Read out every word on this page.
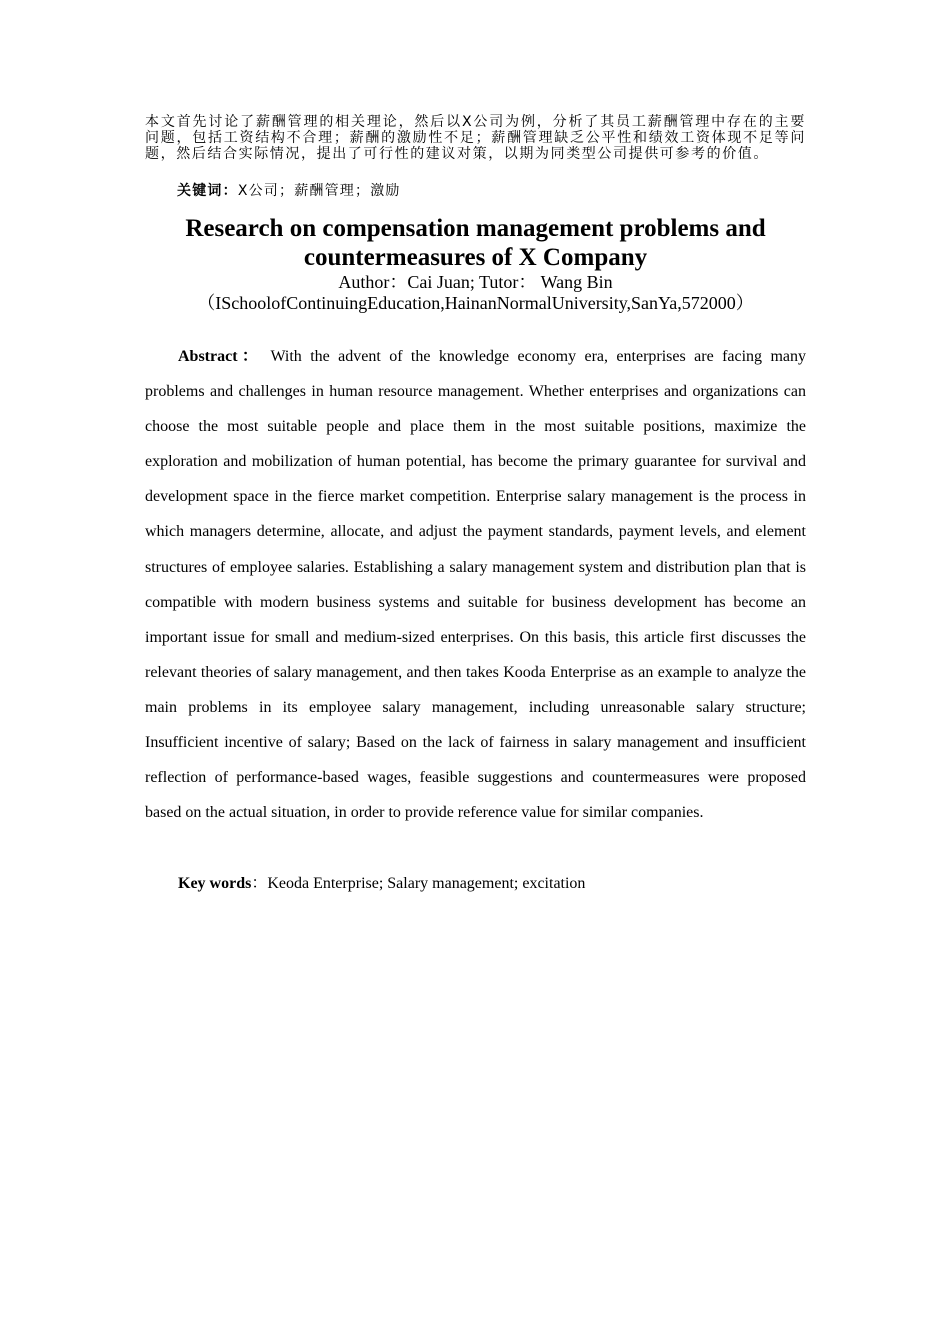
本文首先讨论了薪酬管理的相关理论，然后以X公司为例，分析了其员工薪酬管理中存在的主要问题，包括工资结构不合理；薪酬的激励性不足；薪酬管理缺乏公平性和绩效工资体现不足等问题，然后结合实际情况，提出了可行性的建议对策，以期为同类型公司提供可参考的价值。

关键词：X公司；薪酬管理；激励

Research on compensation management problems and
countermeasures of X Company

Author：Cai Juan; Tutor： Wang Bin

（ISchoolofContinuingEducation,HainanNormalUniversity,SanYa,572000）

Abstract： With the advent of the knowledge economy era, enterprises are facing many problems and challenges in human resource management. Whether enterprises and organizations can choose the most suitable people and place them in the most suitable positions, maximize the exploration and mobilization of human potential, has become the primary guarantee for survival and development space in the fierce market competition. Enterprise salary management is the process in which managers determine, allocate, and adjust the payment standards, payment levels, and element structures of employee salaries. Establishing a salary management system and distribution plan that is compatible with modern business systems and suitable for business development has become an important issue for small and medium-sized enterprises. On this basis, this article first discusses the relevant theories of salary management, and then takes Kooda Enterprise as an example to analyze the main problems in its employee salary management, including unreasonable salary structure; Insufficient incentive of salary; Based on the lack of fairness in salary management and insufficient reflection of performance-based wages, feasible suggestions and countermeasures were proposed based on the actual situation, in order to provide reference value for similar companies.

Key words：Keoda Enterprise; Salary management; excitation
